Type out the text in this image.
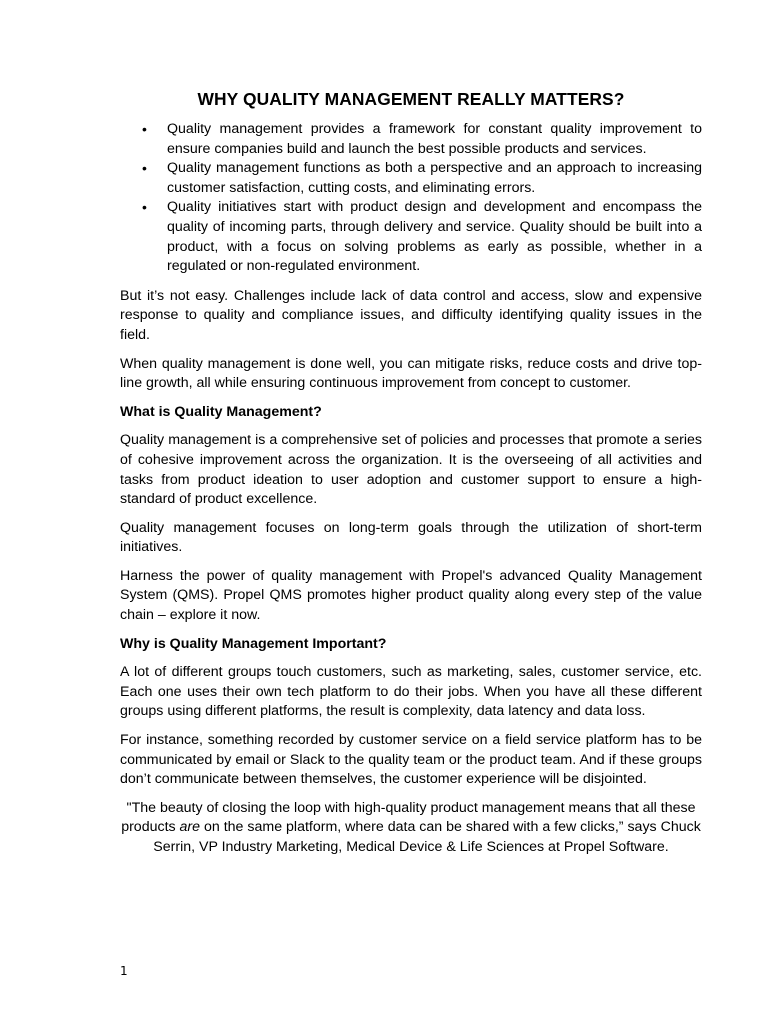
WHY QUALITY MANAGEMENT REALLY MATTERS?
• Quality management provides a framework for constant quality improvement to ensure companies build and launch the best possible products and services.
• Quality management functions as both a perspective and an approach to increasing customer satisfaction, cutting costs, and eliminating errors.
• Quality initiatives start with product design and development and encompass the quality of incoming parts, through delivery and service. Quality should be built into a product, with a focus on solving problems as early as possible, whether in a regulated or non-regulated environment.

But it’s not easy. Challenges include lack of data control and access, slow and expensive response to quality and compliance issues, and difficulty identifying quality issues in the field.

When quality management is done well, you can mitigate risks, reduce costs and drive top-line growth, all while ensuring continuous improvement from concept to customer.

What is Quality Management?

Quality management is a comprehensive set of policies and processes that promote a series of cohesive improvement across the organization. It is the overseeing of all activities and tasks from product ideation to user adoption and customer support to ensure a high-standard of product excellence.

Quality management focuses on long-term goals through the utilization of short-term initiatives.

Harness the power of quality management with Propel's advanced Quality Management System (QMS). Propel QMS promotes higher product quality along every step of the value chain – explore it now.

Why is Quality Management Important?

A lot of different groups touch customers, such as marketing, sales, customer service, etc. Each one uses their own tech platform to do their jobs. When you have all these different groups using different platforms, the result is complexity, data latency and data loss.

For instance, something recorded by customer service on a field service platform has to be communicated by email or Slack to the quality team or the product team. And if these groups don’t communicate between themselves, the customer experience will be disjointed.

"The beauty of closing the loop with high-quality product management means that all these products are on the same platform, where data can be shared with a few clicks,” says Chuck Serrin, VP Industry Marketing, Medical Device & Life Sciences at Propel Software.

1
